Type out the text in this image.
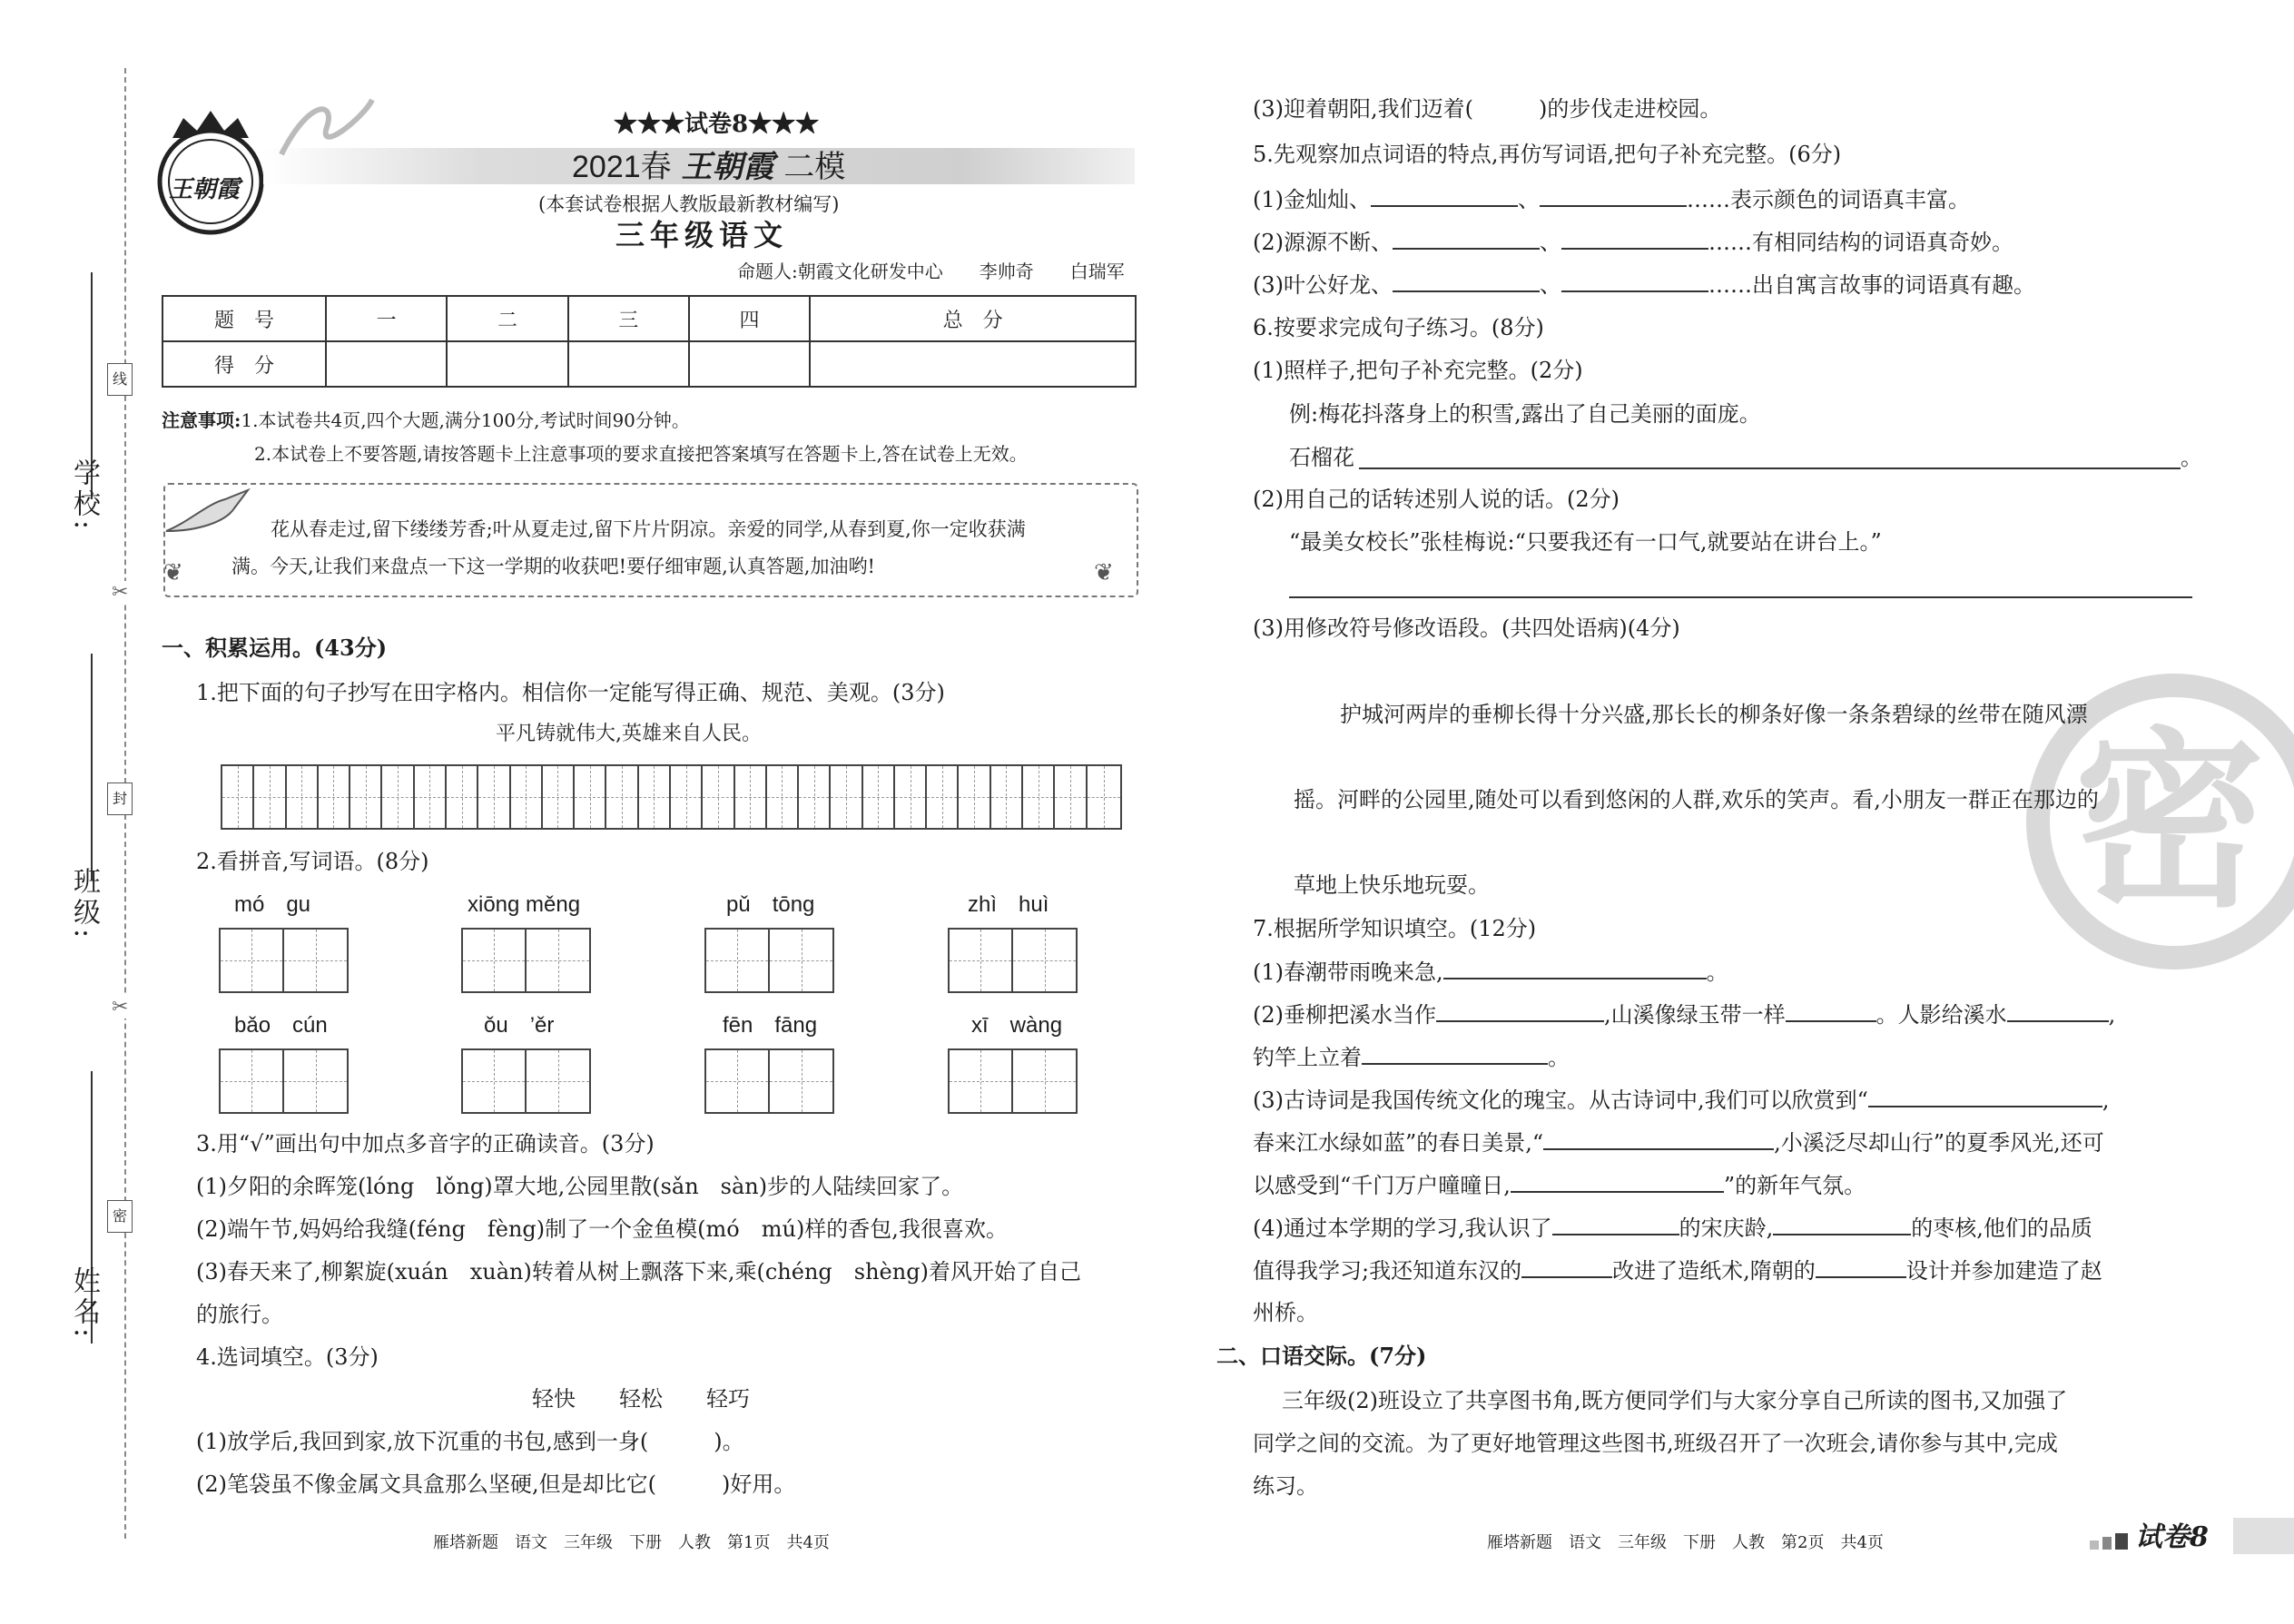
学校:
班级:
姓名:
线
封
密
✂
✂
王朝霞
★★★试卷8★★★
2021春 王朝霞 二模
(本套试卷根据人教版最新教材编写)
三年级语文
命题人:朝霞文化研发中心　　李帅奇　　白瑞军
题　号	一	二	三	四	总　分
得　分					
注意事项:1.本试卷共4页,四个大题,满分100分,考试时间90分钟。
2.本试卷上不要答题,请按答题卡上注意事项的要求直接把答案填写在答题卡上,答在试卷上无效。
❦	❦
花从春走过,留下缕缕芳香;叶从夏走过,留下片片阴凉。亲爱的同学,从春到夏,你一定收获满
满。今天,让我们来盘点一下这一学期的收获吧!要仔细审题,认真答题,加油哟!
一、积累运用。(43分)
1.把下面的句子抄写在田字格内。相信你一定能写得正确、规范、美观。(3分)
平凡铸就伟大,英雄来自人民。
2.看拼音,写词语。(8分)
mó　gu	xiōng měng	pǔ　tōng	zhì　huì
bǎo　cún	ǒu　’ěr	fēn　fāng	xī　wàng
3.用“√”画出句中加点多音字的正确读音。(3分)
(1)夕阳的余晖笼(lóng　lǒng)罩大地,公园里散(sǎn　sàn)步的人陆续回家了。
(2)端午节,妈妈给我缝(féng　fèng)制了一个金鱼模(mó　mú)样的香包,我很喜欢。
(3)春天来了,柳絮旋(xuán　xuàn)转着从树上飘落下来,乘(chéng　shèng)着风开始了自己
的旅行。
4.选词填空。(3分)
轻快　　轻松　　轻巧
(1)放学后,我回到家,放下沉重的书包,感到一身(　　　)。
(2)笔袋虽不像金属文具盒那么坚硬,但是却比它(　　　)好用。
雁塔新题　语文　三年级　下册　人教　第1页　共4页
密
(3)迎着朝阳,我们迈着(　　　)的步伐走进校园。
5.先观察加点词语的特点,再仿写词语,把句子补充完整。(6分)
(1)金灿灿、	、	……表示颜色的词语真丰富。
(2)源源不断、	、	……有相同结构的词语真奇妙。
(3)叶公好龙、	、	……出自寓言故事的词语真有趣。
6.按要求完成句子练习。(8分)
(1)照样子,把句子补充完整。(2分)
例:梅花抖落身上的积雪,露出了自己美丽的面庞。
石榴花	。
(2)用自己的话转述别人说的话。(2分)
“最美女校长”张桂梅说:“只要我还有一口气,就要站在讲台上。”
(3)用修改符号修改语段。(共四处语病)(4分)
护城河两岸的垂柳长得十分兴盛,那长长的柳条好像一条条碧绿的丝带在随风漂
摇。河畔的公园里,随处可以看到悠闲的人群,欢乐的笑声。看,小朋友一群正在那边的
草地上快乐地玩耍。
7.根据所学知识填空。(12分)
(1)春潮带雨晚来急,	。
(2)垂柳把溪水当作	,山溪像绿玉带一样	。人影给溪水	,
钓竿上立着	。
(3)古诗词是我国传统文化的瑰宝。从古诗词中,我们可以欣赏到“	,
春来江水绿如蓝”的春日美景,“	,小溪泛尽却山行”的夏季风光,还可
以感受到“千门万户曈曈日,	”的新年气氛。
(4)通过本学期的学习,我认识了	的宋庆龄,	的枣核,他们的品质
值得我学习;我还知道东汉的	改进了造纸术,隋朝的	设计并参加建造了赵
州桥。
二、口语交际。(7分)
三年级(2)班设立了共享图书角,既方便同学们与大家分享自己所读的图书,又加强了
同学之间的交流。为了更好地管理这些图书,班级召开了一次班会,请你参与其中,完成
练习。
雁塔新题　语文　三年级　下册　人教　第2页　共4页	试卷8
